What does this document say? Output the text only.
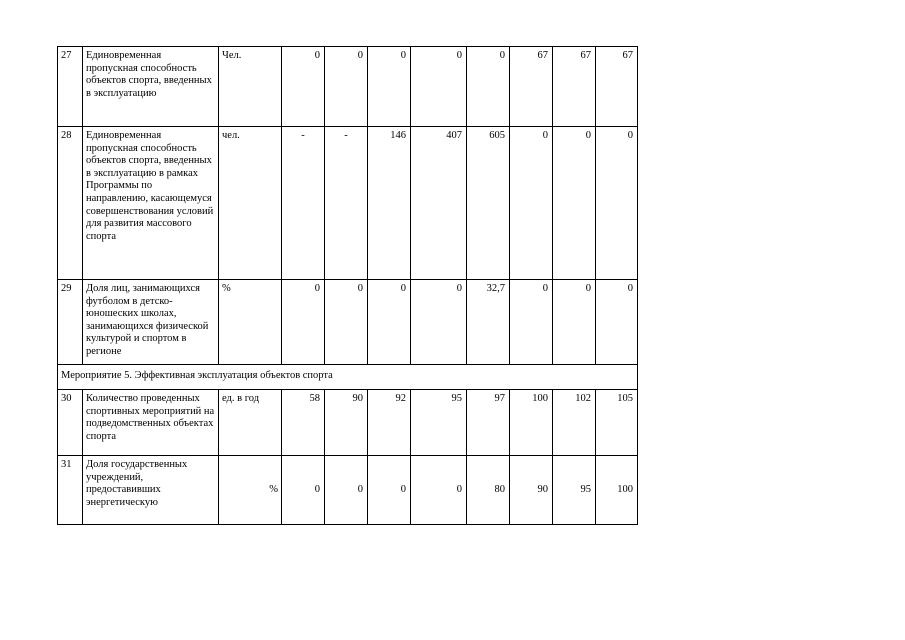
27	Единовременная пропускная способность объектов спорта, введенных в эксплуатацию	Чел.	0	0	0	0	0	67	67	67
28	Единовременная пропускная способность объектов спорта, введенных в эксплуатацию в рамках Программы по направлению, касающемуся совершенствования условий для развития массового спорта	чел.	-	-	146	407	605	0	0	0
29	Доля лиц, занимающихся футболом в детско-юношеских школах, занимающихся физической культурой и спортом в регионе	%	0	0	0	0	32,7	0	0	0
Мероприятие 5. Эффективная эксплуатация объектов спорта										
30	Количество проведенных спортивных мероприятий на подведомственных объектах спорта	ед. в год	58	90	92	95	97	100	102	105
31	Доля государственных учреждений, предоставивших энергетическую	%	0	0	0	0	80	90	95	100
